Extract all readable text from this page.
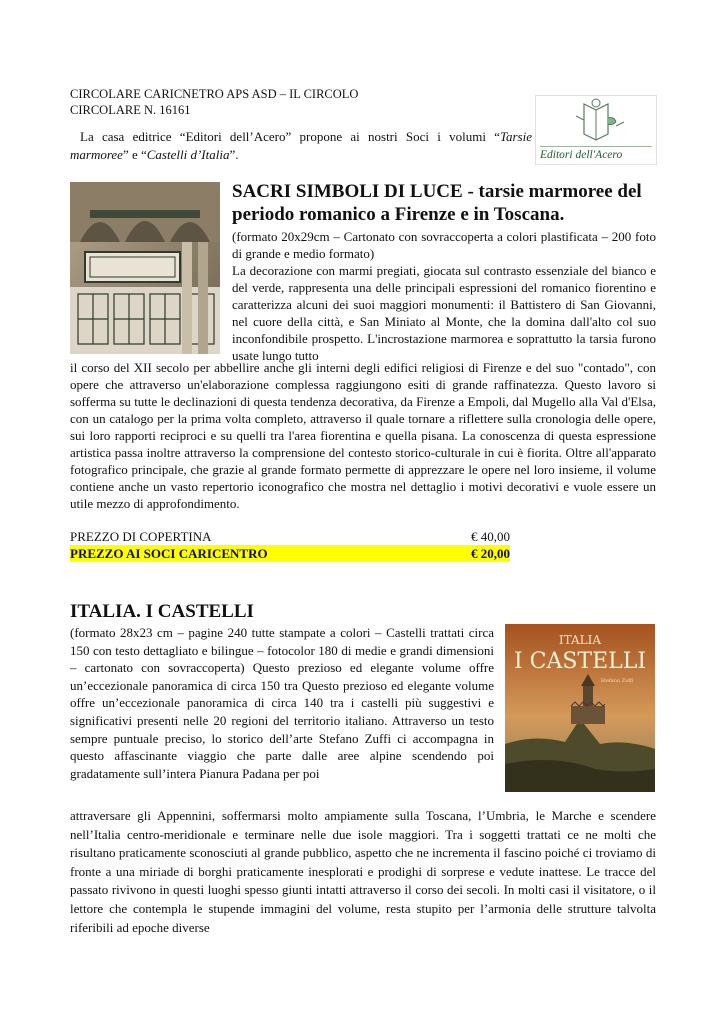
CIRCOLARE CARICNETRO APS ASD – IL CIRCOLO
CIRCOLARE N. 16161
La casa editrice “Editori dell’Acero” propone ai nostri Soci i volumi “Tarsie marmoree” e “Castelli d’Italia”.	Editori dell'Acero
SACRI SIMBOLI DI LUCE - tarsie marmoree del periodo romanico a Firenze e in Toscana.
(formato 20x29cm – Cartonato con sovraccoperta a colori plastificata – 200 foto di grande e medio formato)
La decorazione con marmi pregiati, giocata sul contrasto essenziale del bianco e del verde, rappresenta una delle principali espressioni del romanico fiorentino e caratterizza alcuni dei suoi maggiori monumenti: il Battistero di San Giovanni, nel cuore della città, e San Miniato al Monte, che la domina dall'alto col suo inconfondibile prospetto. L'incrostazione marmorea e soprattutto la tarsia furono usate lungo tutto
il corso del XII secolo per abbellire anche gli interni degli edifici religiosi di Firenze e del suo "contado", con opere che attraverso un'elaborazione complessa raggiungono esiti di grande raffinatezza. Questo lavoro si sofferma su tutte le declinazioni di questa tendenza decorativa, da Firenze a Empoli, dal Mugello alla Val d'Elsa, con un catalogo per la prima volta completo, attraverso il quale tornare a riflettere sulla cronologia delle opere, sui loro rapporti reciproci e su quelli tra l'area fiorentina e quella pisana. La conoscenza di questa espressione artistica passa inoltre attraverso la comprensione del contesto storico-culturale in cui è fiorita. Oltre all'apparato fotografico principale, che grazie al grande formato permette di apprezzare le opere nel loro insieme, il volume contiene anche un vasto repertorio iconografico che mostra nel dettaglio i motivi decorativi e vuole essere un utile mezzo di approfondimento.
PREZZO DI COPERTINA	€ 40,00
PREZZO AI SOCI CARICENTRO	€ 20,00
ITALIA. I CASTELLI
(formato 28x23 cm – pagine 240 tutte stampate a colori – Castelli trattati circa 150 con testo dettagliato e bilingue – fotocolor 180 di medie e grandi dimensioni – cartonato con sovraccoperta) Questo prezioso ed elegante volume offre un’eccezionale panoramica di circa 150 tra Questo prezioso ed elegante volume offre un’eccezionale panoramica di circa 140 tra i castelli più suggestivi e significativi presenti nelle 20 regioni del territorio italiano. Attraverso un testo sempre puntuale preciso, lo storico dell’arte Stefano Zuffi ci accompagna in questo affascinante viaggio che parte dalle aree alpine scendendo poi gradatamente sull’intera Pianura Padana per poi
ITALIA
I CASTELLI
Stefano Zuffi
attraversare gli Appennini, soffermarsi molto ampiamente sulla Toscana, l’Umbria, le Marche e scendere nell’Italia centro-meridionale e terminare nelle due isole maggiori. Tra i soggetti trattati ce ne molti che risultano praticamente sconosciuti al grande pubblico, aspetto che ne incrementa il fascino poiché ci troviamo di fronte a una miriade di borghi praticamente inesplorati e prodighi di sorprese e vedute inattese. Le tracce del passato rivivono in questi luoghi spesso giunti intatti attraverso il corso dei secoli. In molti casi il visitatore, o il lettore che contempla le stupende immagini del volume, resta stupito per l’armonia delle strutture talvolta riferibili ad epoche diverse
